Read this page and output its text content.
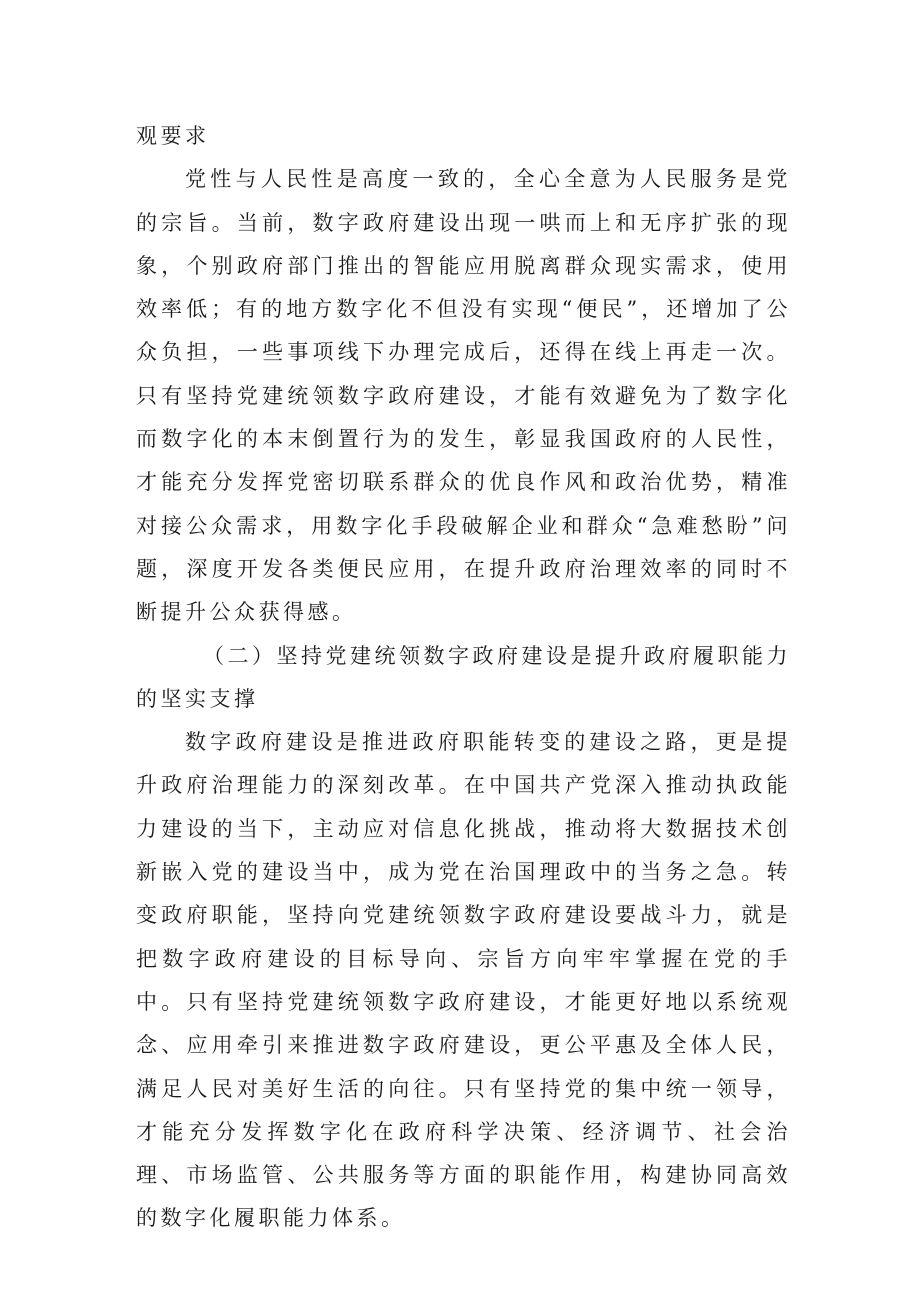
观要求

党性与人民性是高度一致的，全心全意为人民服务是党的宗旨。当前，数字政府建设出现一哄而上和无序扩张的现象，个别政府部门推出的智能应用脱离群众现实需求，使用效率低；有的地方数字化不但没有实现“便民”，还增加了公众负担，一些事项线下办理完成后，还得在线上再走一次。只有坚持党建统领数字政府建设，才能有效避免为了数字化而数字化的本末倒置行为的发生，彰显我国政府的人民性，才能充分发挥党密切联系群众的优良作风和政治优势，精准对接公众需求，用数字化手段破解企业和群众“急难愁盼”问题，深度开发各类便民应用，在提升政府治理效率的同时不断提升公众获得感。

（二）坚持党建统领数字政府建设是提升政府履职能力的坚实支撑

数字政府建设是推进政府职能转变的建设之路，更是提升政府治理能力的深刻改革。在中国共产党深入推动执政能力建设的当下，主动应对信息化挑战，推动将大数据技术创新嵌入党的建设当中，成为党在治国理政中的当务之急。转变政府职能，坚持向党建统领数字政府建设要战斗力，就是把数字政府建设的目标导向、宗旨方向牢牢掌握在党的手中。只有坚持党建统领数字政府建设，才能更好地以系统观念、应用牵引来推进数字政府建设，更公平惠及全体人民，满足人民对美好生活的向往。只有坚持党的集中统一领导，才能充分发挥数字化在政府科学决策、经济调节、社会治理、市场监管、公共服务等方面的职能作用，构建协同高效的数字化履职能力体系。
